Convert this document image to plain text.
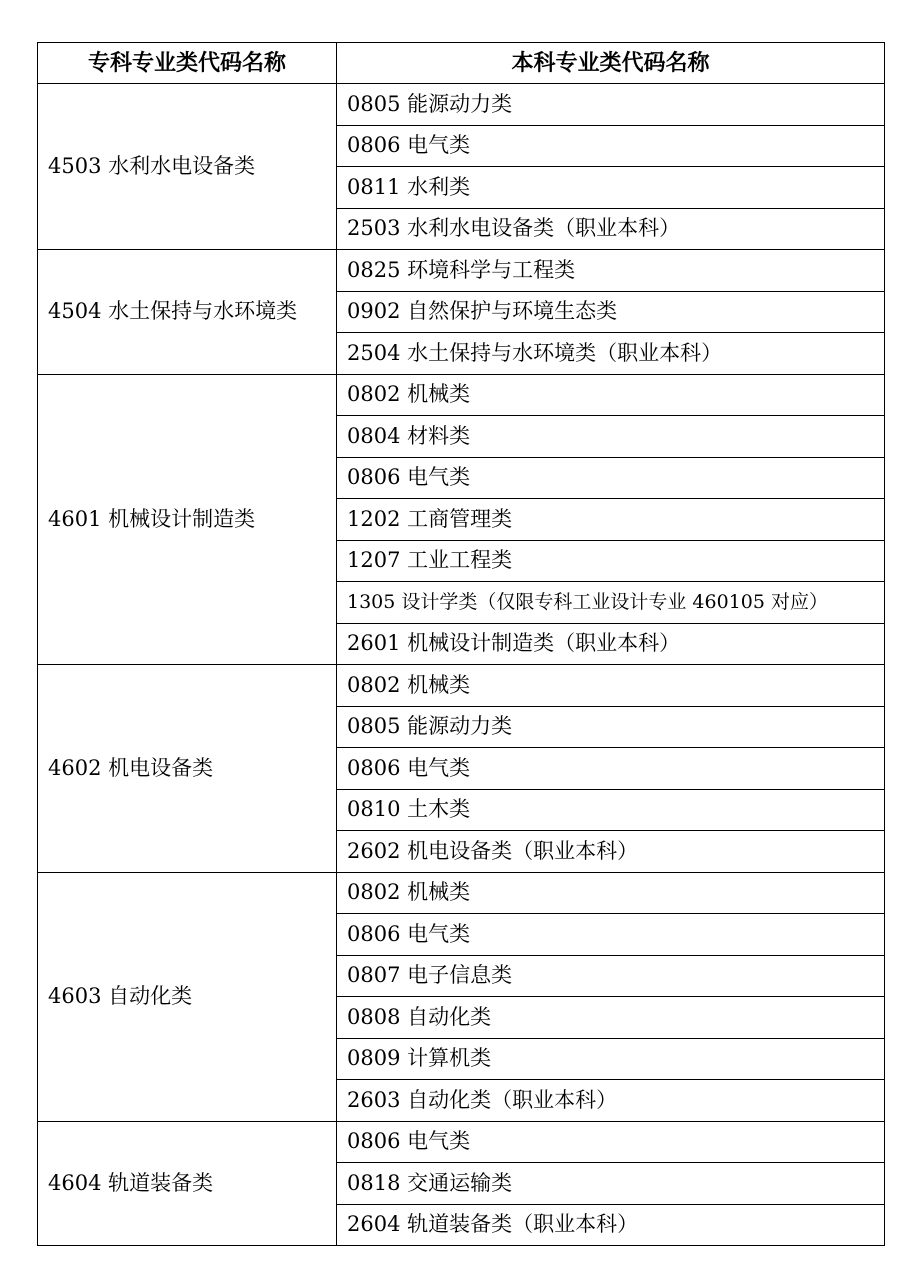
专科专业类代码名称	本科专业类代码名称
4503 水利水电设备类	0805 能源动力类
	0806 电气类
	0811 水利类
	2503 水利水电设备类（职业本科）
4504 水土保持与水环境类	0825 环境科学与工程类
	0902 自然保护与环境生态类
	2504 水土保持与水环境类（职业本科）
4601 机械设计制造类	0802 机械类
	0804 材料类
	0806 电气类
	1202 工商管理类
	1207 工业工程类
	1305 设计学类（仅限专科工业设计专业 460105 对应）
	2601 机械设计制造类（职业本科）
4602 机电设备类	0802 机械类
	0805 能源动力类
	0806 电气类
	0810 土木类
	2602 机电设备类（职业本科）
4603 自动化类	0802 机械类
	0806 电气类
	0807 电子信息类
	0808 自动化类
	0809 计算机类
	2603 自动化类（职业本科）
4604 轨道装备类	0806 电气类
	0818 交通运输类
	2604 轨道装备类（职业本科）
